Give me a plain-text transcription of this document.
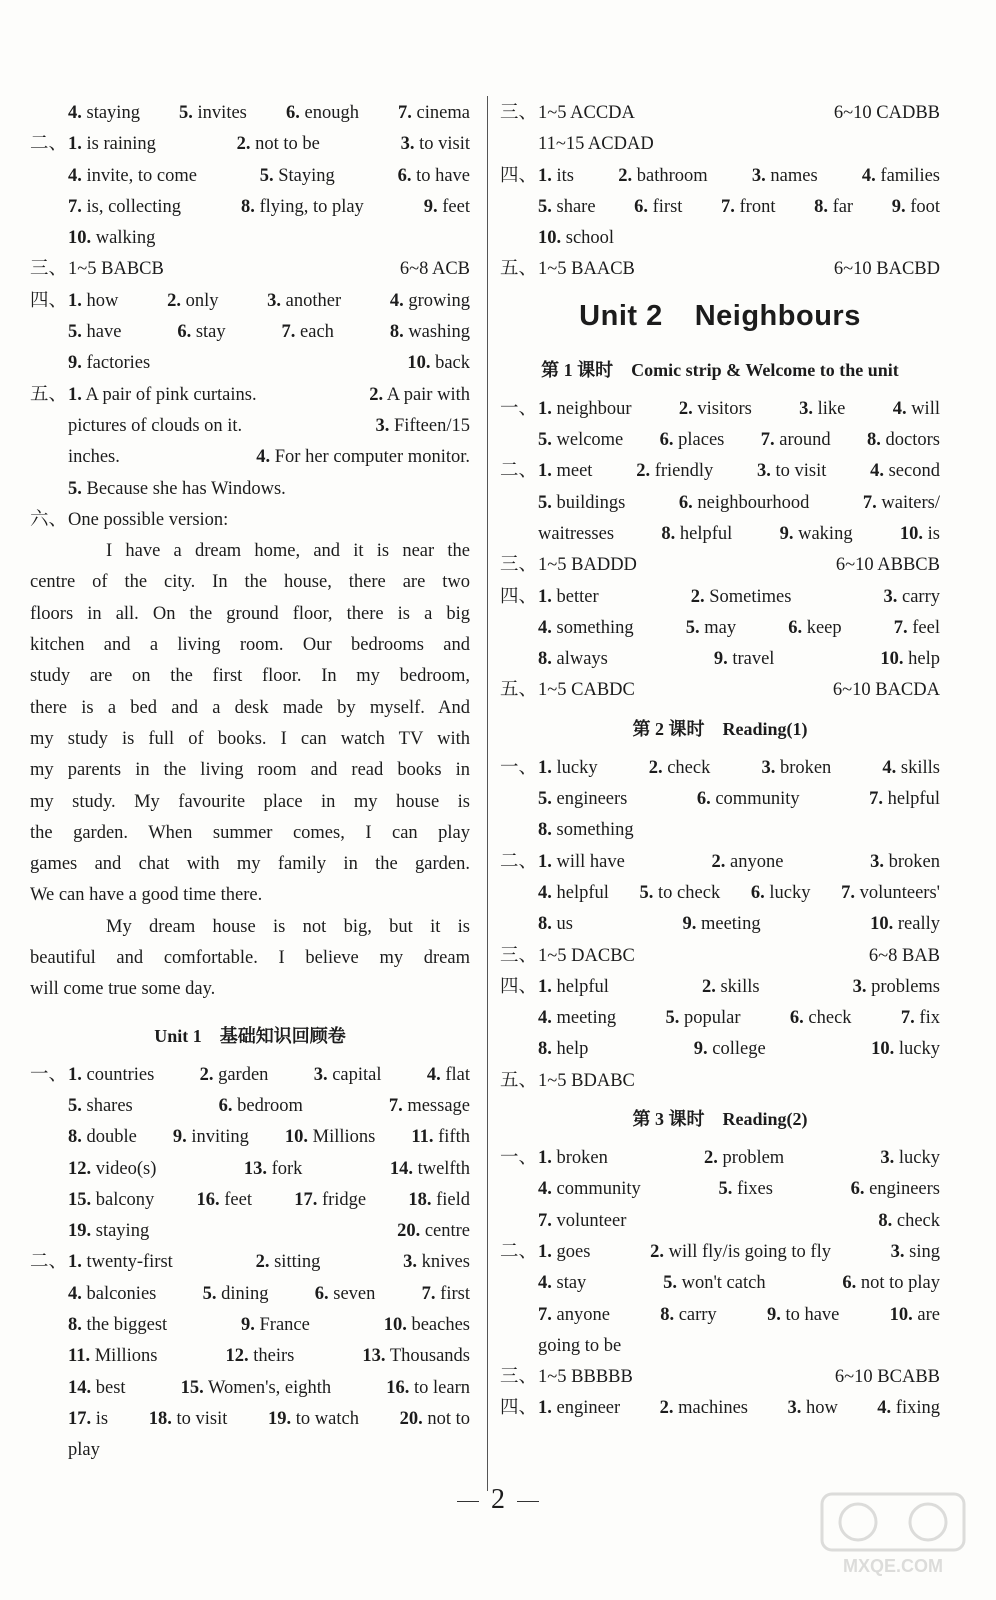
4. staying 5. invites 6. enough 7. cinema
二、 1. is raining	2. not to be	3. to visit
4. invite, to come	5. Staying	6. to have
7. is, collecting	8. flying, to play	9. feet
10. walking
三、 1~5 BABCB	6~8 ACB
四、 1. how	2. only	3. another	4. growing
5. have	6. stay	7. each	8. washing
9. factories	10. back
五、 1. A pair of pink curtains.	2. A pair with
pictures of clouds on it.	3. Fifteen/15
inches.	4. For her computer monitor.
5. Because she has Windows.
六、 One possible version:
I have a dream home, and it is near the
centre of the city. In the house, there are two
floors in all. On the ground floor, there is a big
kitchen and a living room. Our bedrooms and
study are on the first floor. In my bedroom,
there is a bed and a desk made by myself. And
my study is full of books. I can watch TV with
my parents in the living room and read books in
my study. My favourite place in my house is
the garden. When summer comes, I can play
games and chat with my family in the garden.
We can have a good time there.
My dream house is not big, but it is
beautiful and comfortable. I believe my dream
will come true some day.
Unit 1　基础知识回顾卷
一、 1. countries 2. garden 3. capital 4. flat
5. shares	6. bedroom	7. message
8. double 9. inviting 10. Millions 11. fifth
12. video(s)	13. fork	14. twelfth
15. balcony 16. feet 17. fridge 18. field
19. staying	20. centre
二、 1. twenty-first	2. sitting	3. knives
4. balconies	5. dining	6. seven	7. first
8. the biggest	9. France	10. beaches
11. Millions	12. theirs	13. Thousands
14. best	15. Women's, eighth	16. to learn
17. is 18. to visit 19. to watch 20. not to
play
三、 1~5 ACCDA	6~10 CADBB
11~15 ACDAD
四、 1. its 2. bathroom 3. names 4. families
5. share 6. first 7. front 8. far 9. foot
10. school
五、 1~5 BAACB	6~10 BACBD
Unit 2 Neighbours
第 1 课时　Comic strip & Welcome to the unit
一、 1. neighbour	2. visitors	3. like	4. will
5. welcome 6. places 7. around 8. doctors
二、 1. meet 2. friendly 3. to visit 4. second
5. buildings	6. neighbourhood	7. waiters/
waitresses	8. helpful	9. waking	10. is
三、 1~5 BADDD	6~10 ABBCB
四、 1. better	2. Sometimes	3. carry
4. something	5. may	6. keep	7. feel
8. always	9. travel	10. help
五、 1~5 CABDC	6~10 BACDA
第 2 课时　Reading(1)
一、 1. lucky	2. check	3. broken	4. skills
5. engineers	6. community	7. helpful
8. something
二、 1. will have	2. anyone	3. broken
4. helpful 5. to check 6. lucky 7. volunteers'
8. us	9. meeting	10. really
三、 1~5 DACBC	6~8 BAB
四、 1. helpful	2. skills	3. problems
4. meeting	5. popular	6. check	7. fix
8. help	9. college	10. lucky
五、 1~5 BDABC
第 3 课时　Reading(2)
一、 1. broken	2. problem	3. lucky
4. community	5. fixes	6. engineers
7. volunteer	8. check
二、 1. goes	2. will fly/is going to fly	3. sing
4. stay	5. won't catch	6. not to play
7. anyone	8. carry	9. to have	10. are
going to be
三、 1~5 BBBBB	6~10 BCABB
四、 1. engineer 2. machines 3. how 4. fixing
2
MXQE.COM
